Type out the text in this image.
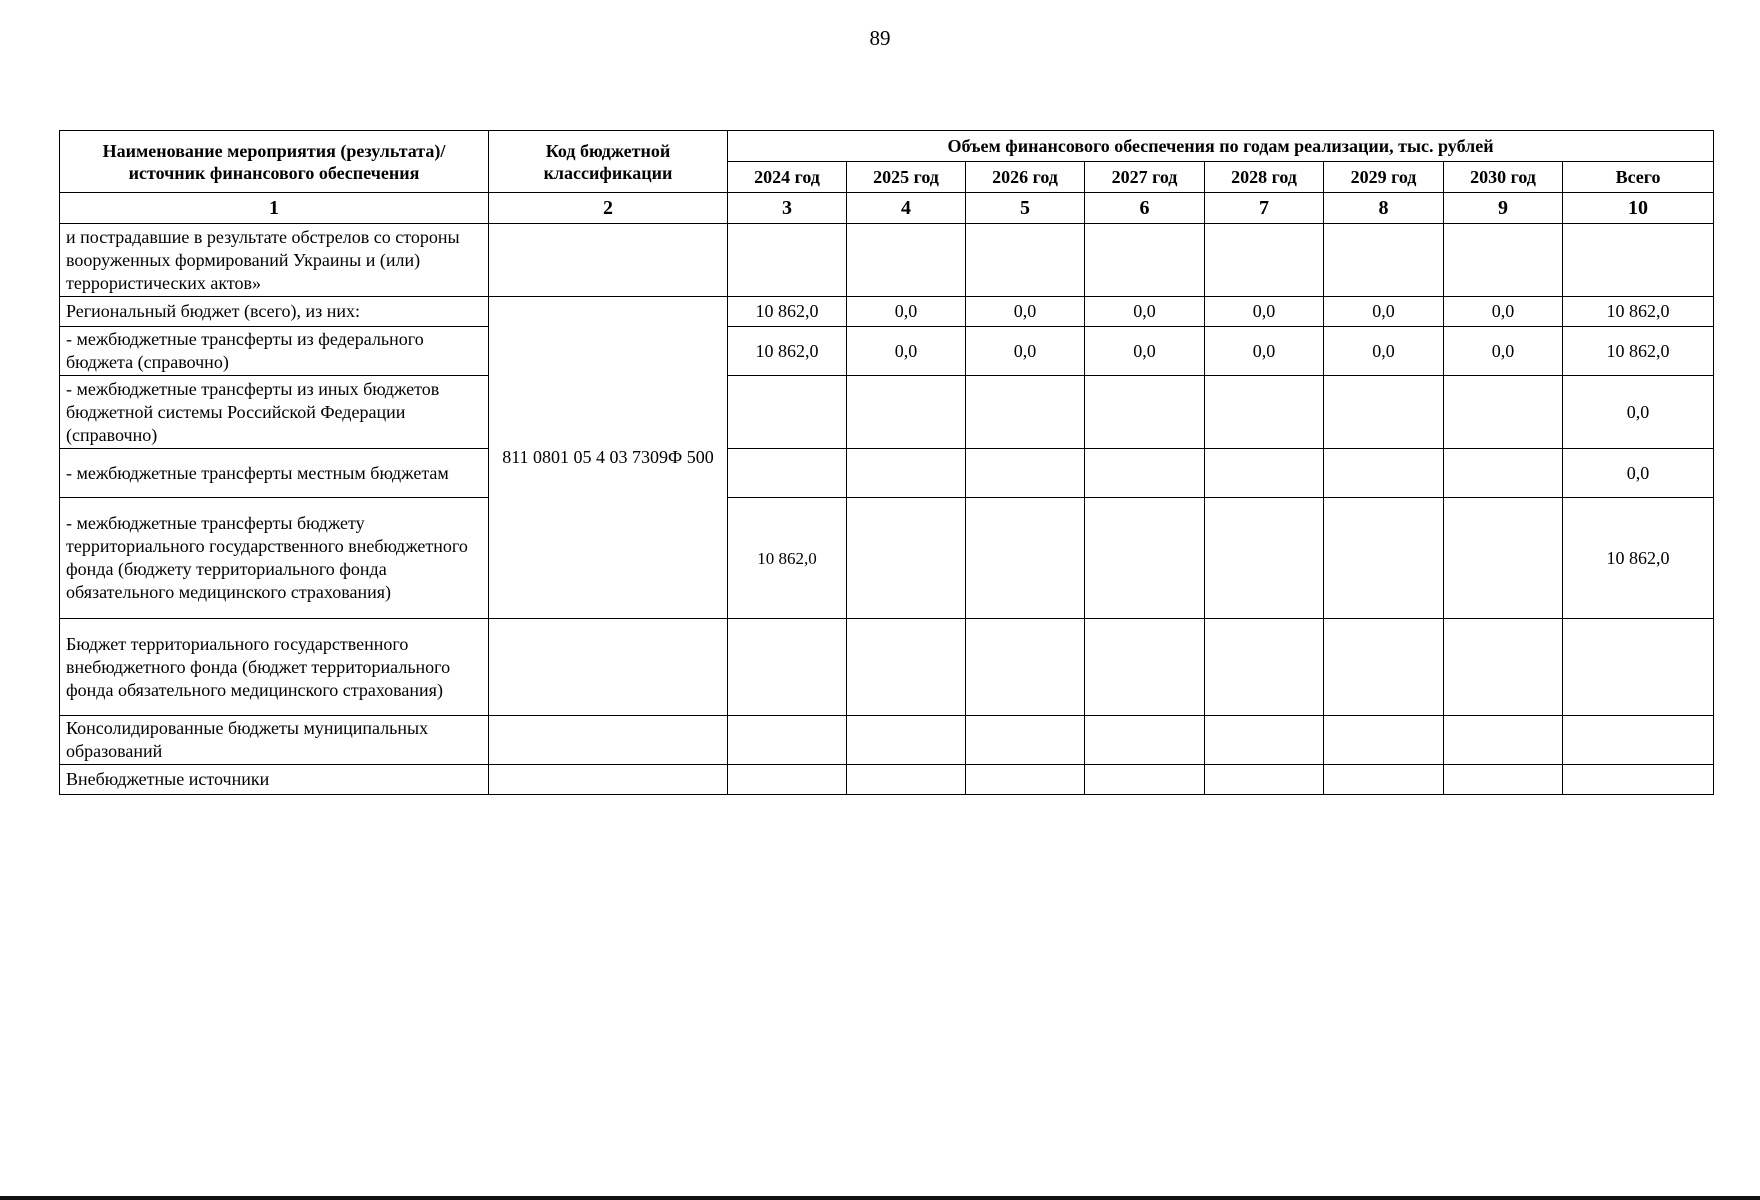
89
Наименование мероприятия (результата)/ источник финансового обеспечения	Код бюджетной классификации	Объем финансового обеспечения по годам реализации, тыс. рублей							
		2024 год	2025 год	2026 год	2027 год	2028 год	2029 год	2030 год	Всего
1	2	3	4	5	6	7	8	9	10
и пострадавшие в результате обстрелов со стороны вооруженных формирований Украины и (или) террористических актов»									
Региональный бюджет (всего), из них:	811 0801 05 4 03 7309Ф 500	10 862,0	0,0	0,0	0,0	0,0	0,0	0,0	10 862,0
- межбюджетные трансферты из федерального бюджета (справочно)		10 862,0	0,0	0,0	0,0	0,0	0,0	0,0	10 862,0
- межбюджетные трансферты из иных бюджетов бюджетной системы Российской Федерации (справочно)									0,0
- межбюджетные трансферты местным бюджетам									0,0
- межбюджетные трансферты бюджету территориального государственного внебюджетного фонда (бюджету территориального фонда обязательного медицинского страхования)		10 862,0							10 862,0
Бюджет территориального государственного внебюджетного фонда (бюджет территориального фонда обязательного медицинского страхования)									
Консолидированные бюджеты муниципальных образований									
Внебюджетные источники									
